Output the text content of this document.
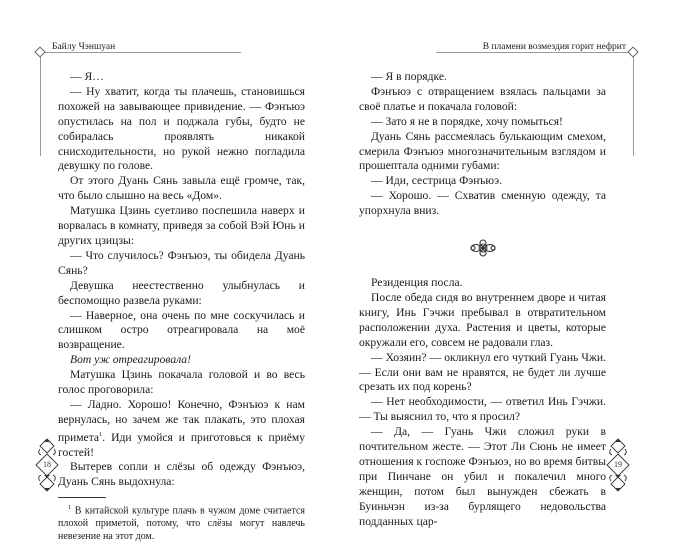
Байлу Чэншуан

— Я…

— Ну хватит, когда ты плачешь, становишься похожей на завывающее привидение. — Фэнъюэ опустилась на пол и поджала губы, будто не собиралась проявлять никакой снисходительности, но рукой нежно погладила девушку по голове.

От этого Дуань Сянь завыла ещё громче, так, что было слышно на весь «Дом».

Матушка Цзинь суетливо поспешила наверх и ворвалась в комнату, приведя за собой Вэй Юнь и других цзицзы:

— Что случилось? Фэнъюэ, ты обидела Дуань Сянь?

Девушка неестественно улыбнулась и беспомощно развела руками:

— Наверное, она очень по мне соскучилась и слишком остро отреагировала на моё возвращение.

Вот уж отреагировала!

Матушка Цзинь покачала головой и во весь голос проговорила:

— Ладно. Хорошо! Конечно, Фэнъюэ к нам вернулась, но зачем же так плакать, это плохая примета$^1$. Иди умойся и приготовься к приёму гостей!

Вытерев сопли и слёзы об одежду Фэнъюэ, Дуань Сянь выдохнула:

$^1$ В китайской культуре плачь в чужом доме считается плохой приметой, потому, что слёзы могут навлечь невезение на этот дом.

18
В пламени возмездия горит нефрит

— Я в порядке.

Фэнъюэ с отвращением взялась пальцами за своё платье и покачала головой:

— Зато я не в порядке, хочу помыться!

Дуань Сянь рассмеялась булькающим смехом, смерила Фэнъюэ многозначительным взглядом и прошептала одними губами:

— Иди, сестрица Фэнъюэ.

— Хорошо. — Схватив сменную одежду, та упорхнула вниз.

Резиденция посла.

После обеда сидя во внутреннем дворе и читая книгу, Инь Гэчжи пребывал в отвратительном расположении духа. Растения и цветы, которые окружали его, совсем не радовали глаз.

— Хозяин? — окликнул его чуткий Гуань Чжи. — Если они вам не нравятся, не будет ли лучше срезать их под корень?

— Нет необходимости, — ответил Инь Гэчжи. — Ты выяснил то, что я просил?

— Да, — Гуань Чжи сложил руки в почтительном жесте. — Этот Ли Сюнь не имеет отношения к госпоже Фэнъюэ, но во время битвы при Пинчане он убил и покалечил много женщин, потом был вынужден сбежать в Буиньчэн из-за бурлящего недовольства подданных цар-

19
